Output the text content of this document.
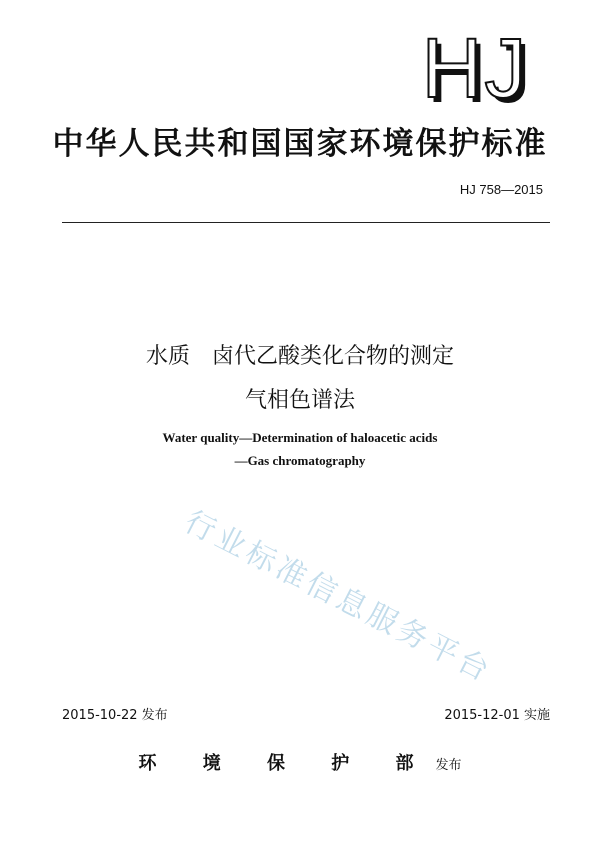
HJ
中华人民共和国国家环境保护标准
HJ 758—2015
水质　卤代乙酸类化合物的测定
气相色谱法
Water quality—Determination of haloacetic acids
—Gas chromatography
行业标准信息服务平台
2015-10-22 发布	2015-12-01 实施
环 境 保 护 部 发布
